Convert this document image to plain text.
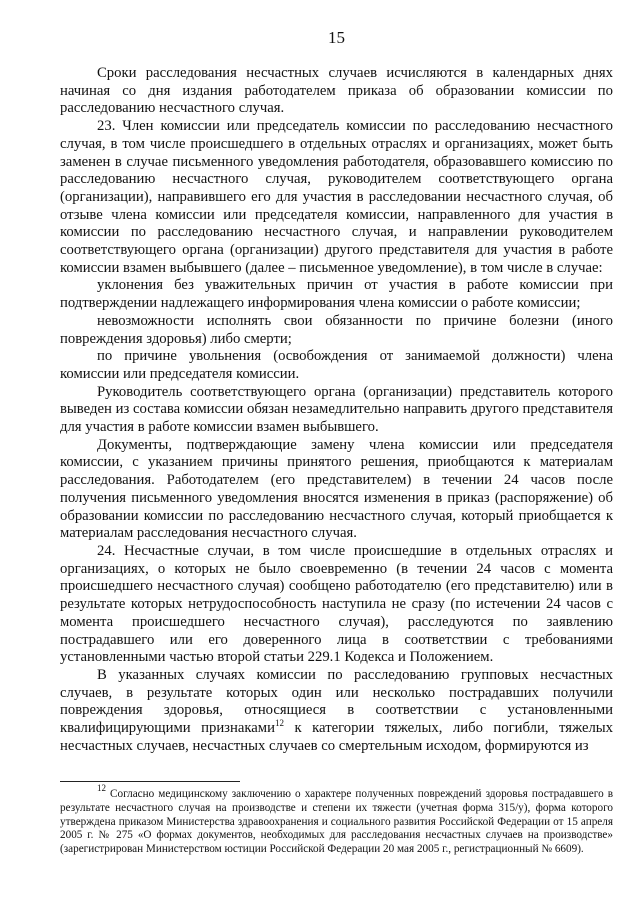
15

Сроки расследования несчастных случаев исчисляются в календарных днях начиная со дня издания работодателем приказа об образовании комиссии по расследованию несчастного случая.

23. Член комиссии или председатель комиссии по расследованию несчастного случая, в том числе происшедшего в отдельных отраслях и организациях, может быть заменен в случае письменного уведомления работодателя, образовавшего комиссию по расследованию несчастного случая, руководителем соответствующего органа (организации), направившего его для участия в расследовании несчастного случая, об отзыве члена комиссии или председателя комиссии, направленного для участия в комиссии по расследованию несчастного случая, и направлении руководителем соответствующего органа (организации) другого представителя для участия в работе комиссии взамен выбывшего (далее – письменное уведомление), в том числе в случае:

уклонения без уважительных причин от участия в работе комиссии при подтверждении надлежащего информирования члена комиссии о работе комиссии;

невозможности исполнять свои обязанности по причине болезни (иного повреждения здоровья) либо смерти;

по причине увольнения (освобождения от занимаемой должности) члена комиссии или председателя комиссии.

Руководитель соответствующего органа (организации) представитель которого выведен из состава комиссии обязан незамедлительно направить другого представителя для участия в работе комиссии взамен выбывшего.

Документы, подтверждающие замену члена комиссии или председателя комиссии, с указанием причины принятого решения, приобщаются к материалам расследования. Работодателем (его представителем) в течении 24 часов после получения письменного уведомления вносятся изменения в приказ (распоряжение) об образовании комиссии по расследованию несчастного случая, который приобщается к материалам расследования несчастного случая.

24. Несчастные случаи, в том числе происшедшие в отдельных отраслях и организациях, о которых не было своевременно (в течении 24 часов с момента происшедшего несчастного случая) сообщено работодателю (его представителю) или в результате которых нетрудоспособность наступила не сразу (по истечении 24 часов с момента происшедшего несчастного случая), расследуются по заявлению пострадавшего или его доверенного лица в соответствии с требованиями установленными частью второй статьи 229.1 Кодекса и Положением.

В указанных случаях комиссии по расследованию групповых несчастных случаев, в результате которых один или несколько пострадавших получили повреждения здоровья, относящиеся в соответствии с установленными квалифицирующими признаками$^{12}$ к категории тяжелых, либо погибли, тяжелых несчастных случаев, несчастных случаев со смертельным исходом, формируются из

$^{12}$ Согласно медицинскому заключению о характере полученных повреждений здоровья пострадавшего в результате несчастного случая на производстве и степени их тяжести (учетная форма 315/у), форма которого утверждена приказом Министерства здравоохранения и социального развития Российской Федерации от 15 апреля 2005 г. № 275 «О формах документов, необходимых для расследования несчастных случаев на производстве» (зарегистрирован Министерством юстиции Российской Федерации 20 мая 2005 г., регистрационный № 6609).
